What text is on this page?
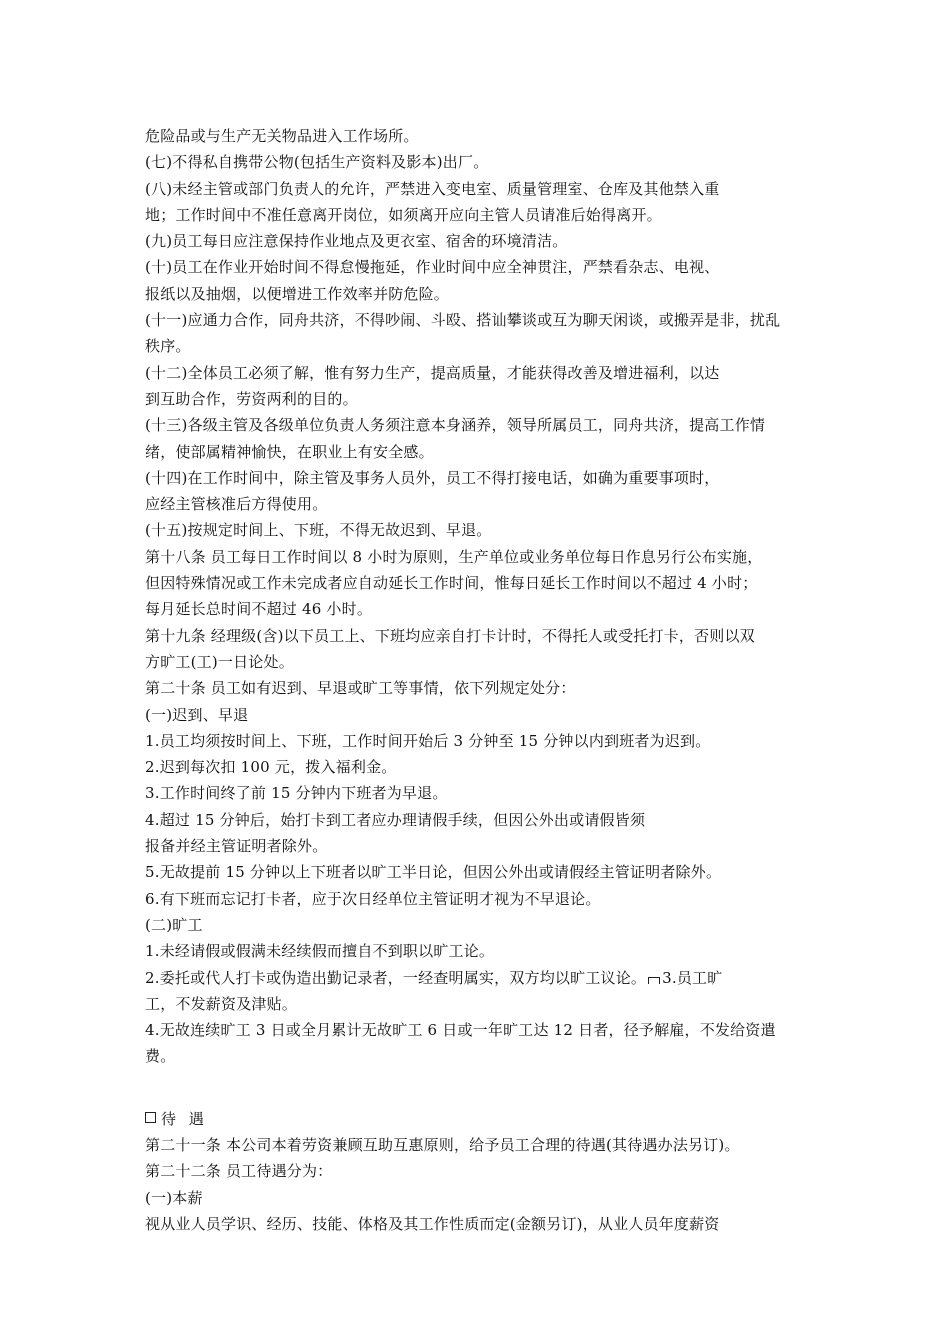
危险品或与生产无关物品进入工作场所。
(七)不得私自携带公物(包括生产资料及影本)出厂。
(八)未经主管或部门负责人的允许，严禁进入变电室、质量管理室、仓库及其他禁入重
地；工作时间中不准任意离开岗位，如须离开应向主管人员请准后始得离开。
(九)员工每日应注意保持作业地点及更衣室、宿舍的环境清洁。
(十)员工在作业开始时间不得怠慢拖延，作业时间中应全神贯注，严禁看杂志、电视、
报纸以及抽烟，以便增进工作效率并防危险。
(十一)应通力合作，同舟共济，不得吵闹、斗殴、搭讪攀谈或互为聊天闲谈，或搬弄是非，扰乱
秩序。
(十二)全体员工必须了解，惟有努力生产，提高质量，才能获得改善及增进福利，以达
到互助合作，劳资两利的目的。
(十三)各级主管及各级单位负责人务须注意本身涵养，领导所属员工，同舟共济，提高工作情
绪，使部属精神愉快，在职业上有安全感。
(十四)在工作时间中，除主管及事务人员外，员工不得打接电话，如确为重要事项时，
应经主管核准后方得使用。
(十五)按规定时间上、下班，不得无故迟到、早退。
第十八条 员工每日工作时间以 8 小时为原则，生产单位或业务单位每日作息另行公布实施，
但因特殊情况或工作未完成者应自动延长工作时间，惟每日延长工作时间以不超过 4 小时；
每月延长总时间不超过 46 小时。
第十九条 经理级(含)以下员工上、下班均应亲自打卡计时，不得托人或受托打卡，否则以双
方旷工(工)一日论处。
第二十条 员工如有迟到、早退或旷工等事情，依下列规定处分：
(一)迟到、早退
1.员工均须按时间上、下班，工作时间开始后 3 分钟至 15 分钟以内到班者为迟到。
2.迟到每次扣 100 元，拨入福利金。
3.工作时间终了前 15 分钟内下班者为早退。
4.超过 15 分钟后，始打卡到工者应办理请假手续，但因公外出或请假皆须
报备并经主管证明者除外。
5.无故提前 15 分钟以上下班者以旷工半日论，但因公外出或请假经主管证明者除外。
6.有下班而忘记打卡者，应于次日经单位主管证明才视为不早退论。
(二)旷工
1.未经请假或假满未经续假而擅自不到职以旷工论。
2.委托或代人打卡或伪造出勤记录者，一经查明属实，双方均以旷工议论。 3.员工旷
工，不发薪资及津贴。
4.无故连续旷工 3 日或全月累计无故旷工 6 日或一年旷工达 12 日者，径予解雇，不发给资遣
费。
待 遇
第二十一条 本公司本着劳资兼顾互助互惠原则，给予员工合理的待遇(其待遇办法另订)。
第二十二条 员工待遇分为：
(一)本薪
视从业人员学识、经历、技能、体格及其工作性质而定(金额另订)，从业人员年度薪资
